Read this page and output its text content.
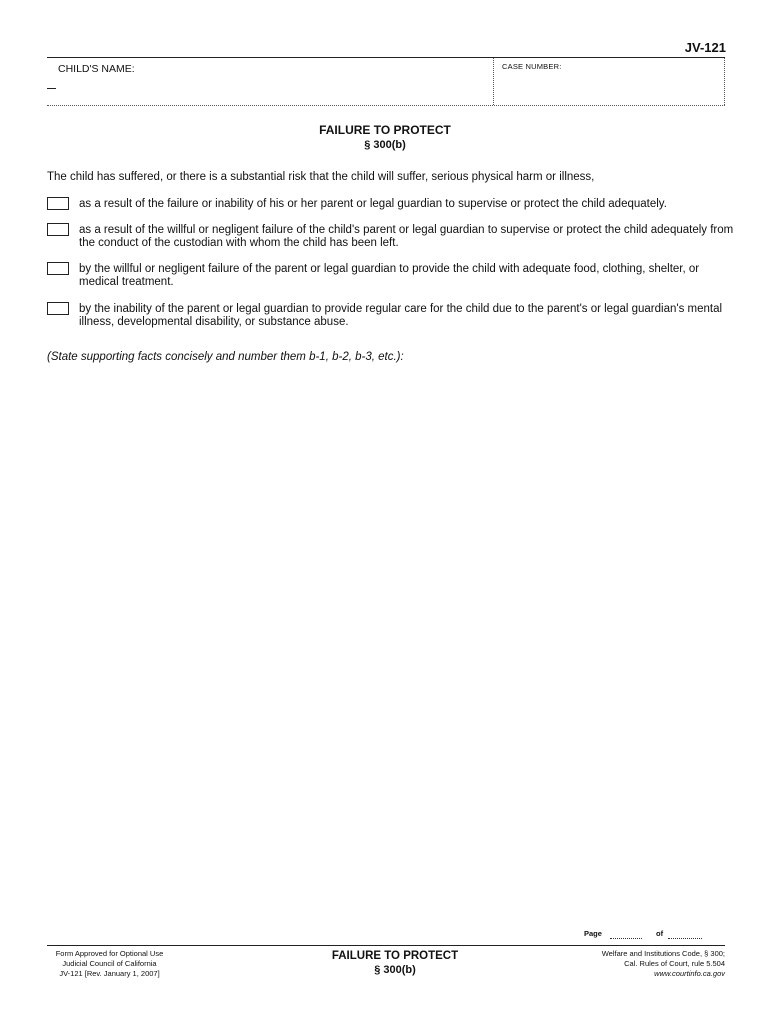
JV-121
CHILD'S NAME:	CASE NUMBER:
FAILURE TO PROTECT
§ 300(b)
The child has suffered, or there is a substantial risk that the child will suffer, serious physical harm or illness,
as a result of the failure or inability of his or her parent or legal guardian to supervise or protect the child adequately.
as a result of the willful or negligent failure of the child's parent or legal guardian to supervise or protect the child adequately from the conduct of the custodian with whom the child has been left.
by the willful or negligent failure of the parent or legal guardian to provide the child with adequate food, clothing, shelter, or medical treatment.
by the inability of the parent or legal guardian to provide regular care for the child due to the parent's or legal guardian's mental illness, developmental disability, or substance abuse.
(State supporting facts concisely and number them b-1, b-2, b-3, etc.):
Page	of
Form Approved for Optional Use
Judicial Council of California
JV-121 [Rev. January 1, 2007]
FAILURE TO PROTECT
§ 300(b)
Welfare and Institutions Code, § 300;
Cal. Rules of Court, rule 5.504
www.courtinfo.ca.gov
